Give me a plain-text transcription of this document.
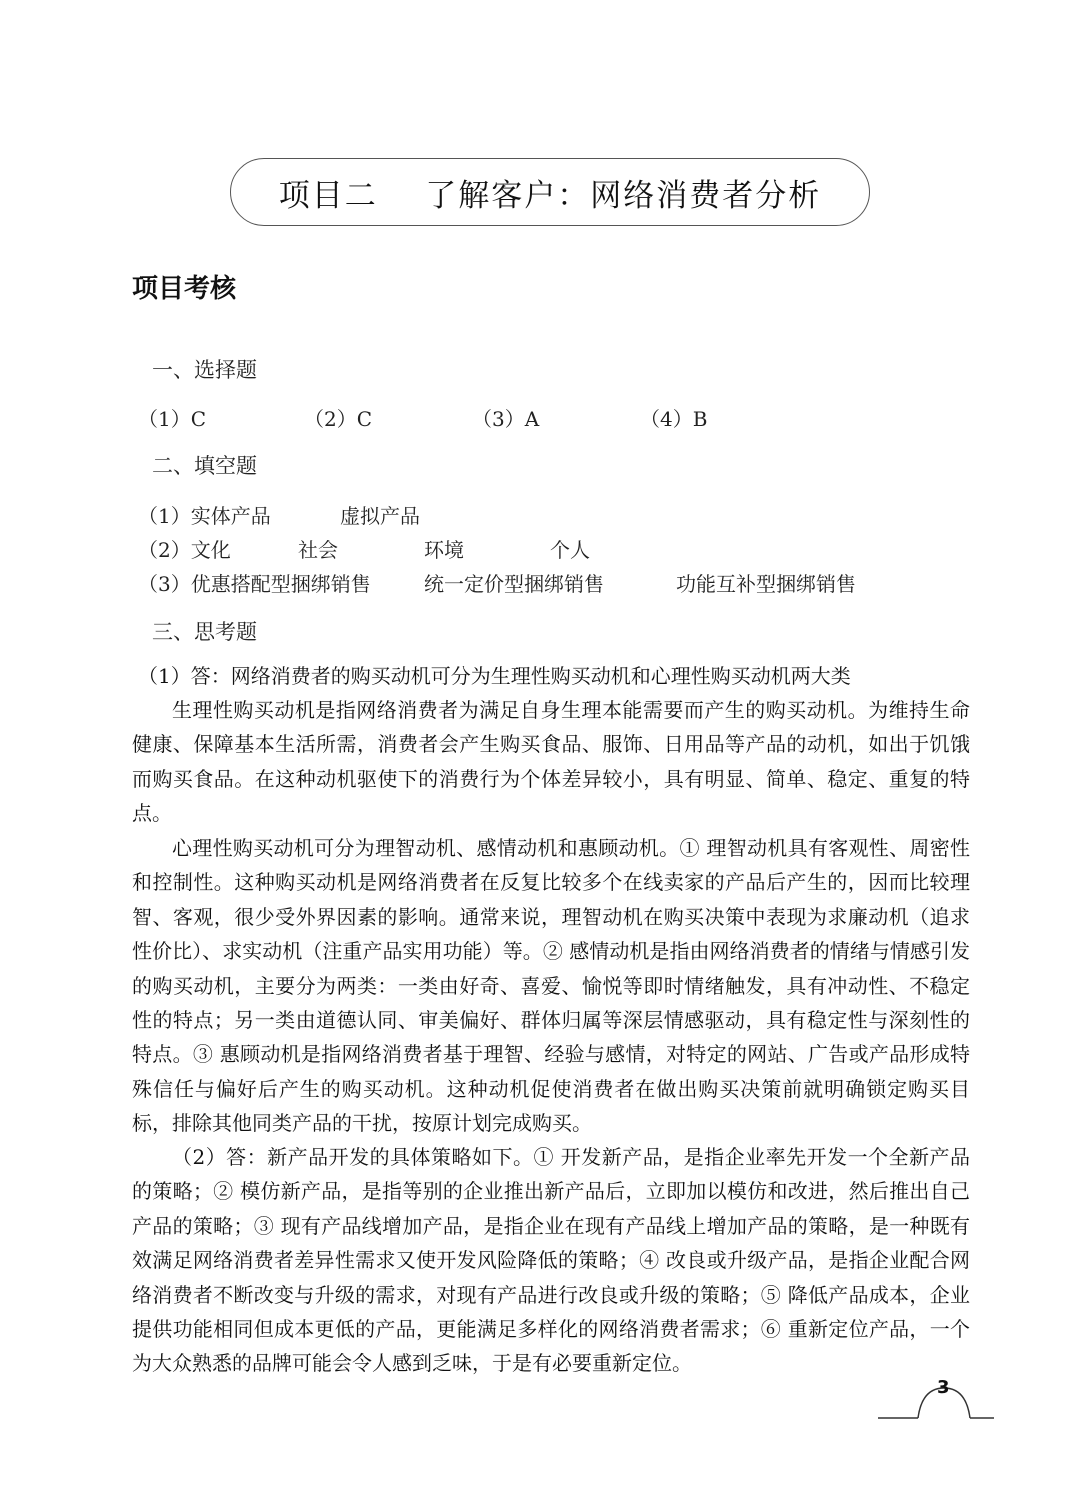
项目二    了解客户：网络消费者分析
项目考核
一、选择题
（1）C	（2）C	（3）A	（4）B
二、填空题
（1）实体产品	虚拟产品
（2）文化	社会	环境	个人
（3）优惠搭配型捆绑销售	统一定价型捆绑销售	功能互补型捆绑销售
三、思考题

（1）答：网络消费者的购买动机可分为生理性购买动机和心理性购买动机两大类

生理性购买动机是指网络消费者为满足自身生理本能需要而产生的购买动机。为维持生命健康、保障基本生活所需，消费者会产生购买食品、服饰、日用品等产品的动机，如出于饥饿而购买食品。在这种动机驱使下的消费行为个体差异较小，具有明显、简单、稳定、重复的特点。

心理性购买动机可分为理智动机、感情动机和惠顾动机。① 理智动机具有客观性、周密性和控制性。这种购买动机是网络消费者在反复比较多个在线卖家的产品后产生的，因而比较理智、客观，很少受外界因素的影响。通常来说，理智动机在购买决策中表现为求廉动机（追求性价比）、求实动机（注重产品实用功能）等。② 感情动机是指由网络消费者的情绪与情感引发的购买动机，主要分为两类：一类由好奇、喜爱、愉悦等即时情绪触发，具有冲动性、不稳定性的特点；另一类由道德认同、审美偏好、群体归属等深层情感驱动，具有稳定性与深刻性的特点。③ 惠顾动机是指网络消费者基于理智、经验与感情，对特定的网站、广告或产品形成特殊信任与偏好后产生的购买动机。这种动机促使消费者在做出购买决策前就明确锁定购买目标，排除其他同类产品的干扰，按原计划完成购买。

（2）答：新产品开发的具体策略如下。① 开发新产品，是指企业率先开发一个全新产品的策略；② 模仿新产品，是指等别的企业推出新产品后，立即加以模仿和改进，然后推出自己产品的策略；③ 现有产品线增加产品，是指企业在现有产品线上增加产品的策略，是一种既有效满足网络消费者差异性需求又使开发风险降低的策略；④ 改良或升级产品，是指企业配合网络消费者不断改变与升级的需求，对现有产品进行改良或升级的策略；⑤ 降低产品成本，企业提供功能相同但成本更低的产品，更能满足多样化的网络消费者需求；⑥ 重新定位产品，一个为大众熟悉的品牌可能会令人感到乏味，于是有必要重新定位。

3
